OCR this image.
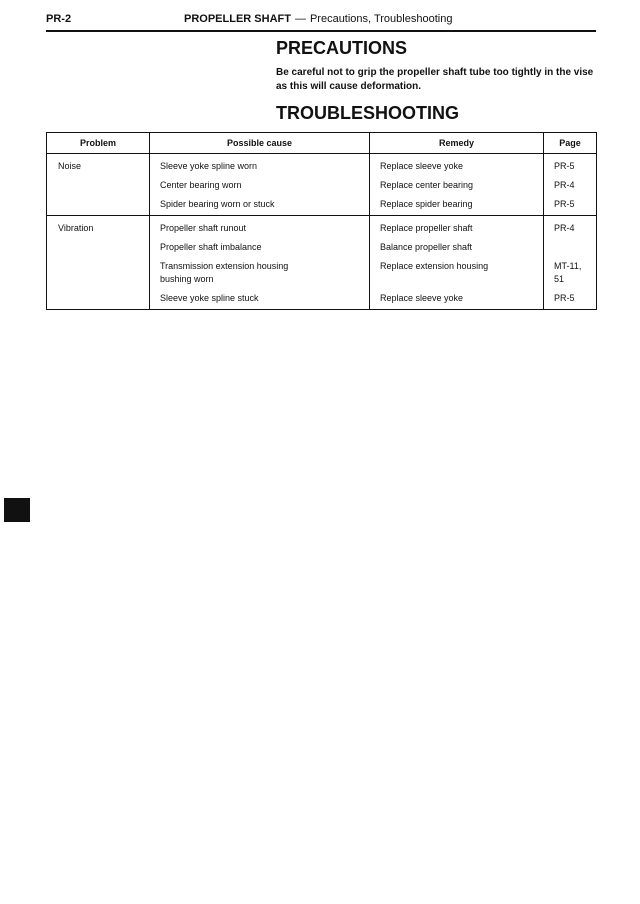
PR-2	PROPELLER SHAFT — Precautions, Troubleshooting
PRECAUTIONS

Be careful not to grip the propeller shaft tube too tightly in the vise as this will cause deformation.

TROUBLESHOOTING
Problem	Possible cause	Remedy	Page
Noise	Sleeve yoke spline worn	Replace sleeve yoke	PR-5
	Center bearing worn	Replace center bearing	PR-4
	Spider bearing worn or stuck	Replace spider bearing	PR-5
Vibration	Propeller shaft runout	Replace propeller shaft	PR-4
	Propeller shaft imbalance	Balance propeller shaft	
	Transmission extension housing bushing worn	Replace extension housing	MT-11, 51
	Sleeve yoke spline stuck	Replace sleeve yoke	PR-5
